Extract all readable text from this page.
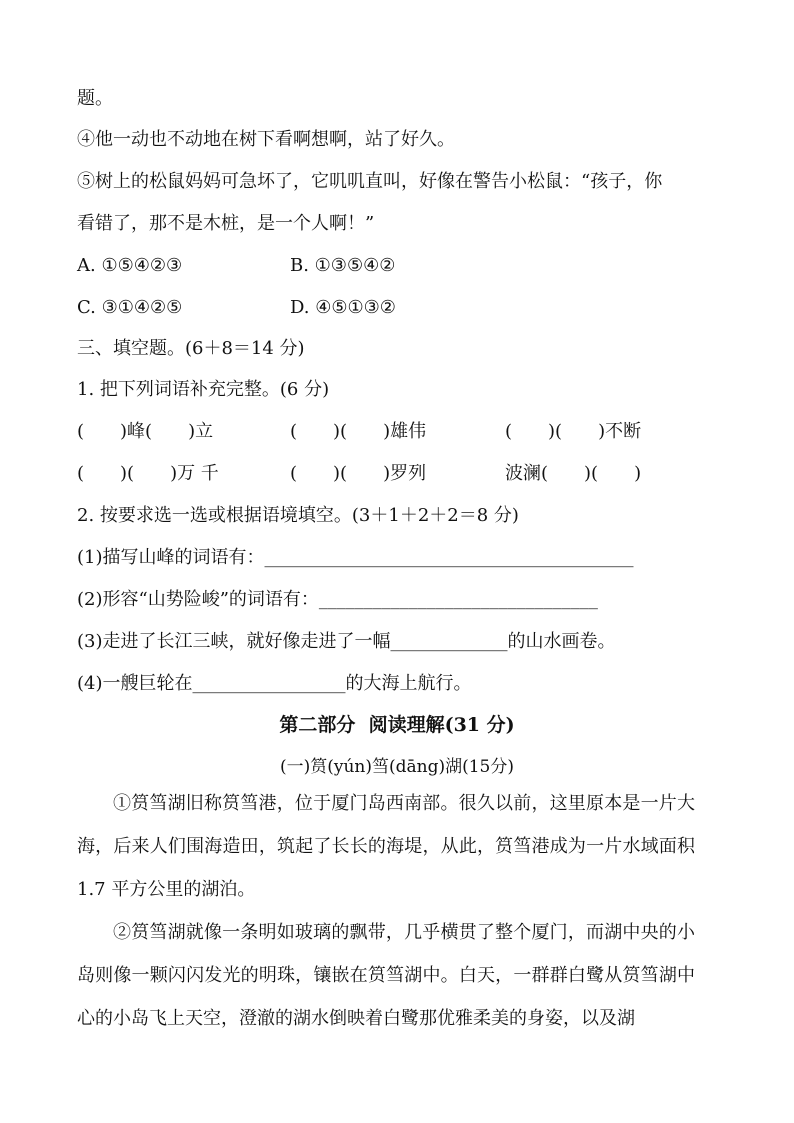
题。
④他一动也不动地在树下看啊想啊，站了好久。
⑤树上的松鼠妈妈可急坏了，它叽叽直叫，好像在警告小松鼠：“孩子，你
看错了，那不是木桩，是一个人啊！”
A. ①⑤④②③	B. ①③⑤④②
C. ③①④②⑤	D. ④⑤①③②
三、填空题。(6＋8＝14 分)
1. 把下列词语补充完整。(6 分)
(　　)峰(　　)立	(　　)(　　)雄伟	(　　)(　　)不断
(　　)(　　)万 千	(　　)(　　)罗列	波澜(　　)(　　)
2. 按要求选一选或根据语境填空。(3＋1＋2＋2＝8 分)
(1)描写山峰的词语有：_________________________________________
(2)形容“山势险峻”的词语有：_______________________________
(3)走进了长江三峡，就好像走进了一幅_____________的山水画卷。
(4)一艘巨轮在_________________的大海上航行。
第二部分  阅读理解(31 分)
(一)筼(yún)筜(dāng)湖(15分)
①筼筜湖旧称筼筜港，位于厦门岛西南部。很久以前，这里原本是一片大海，后来人们围海造田，筑起了长长的海堤，从此，筼筜港成为一片水域面积 1.7 平方公里的湖泊。
②筼筜湖就像一条明如玻璃的飘带，几乎横贯了整个厦门，而湖中央的小岛则像一颗闪闪发光的明珠，镶嵌在筼筜湖中。白天，一群群白鹭从筼筜湖中心的小岛飞上天空，澄澈的湖水倒映着白鹭那优雅柔美的身姿，以及湖
